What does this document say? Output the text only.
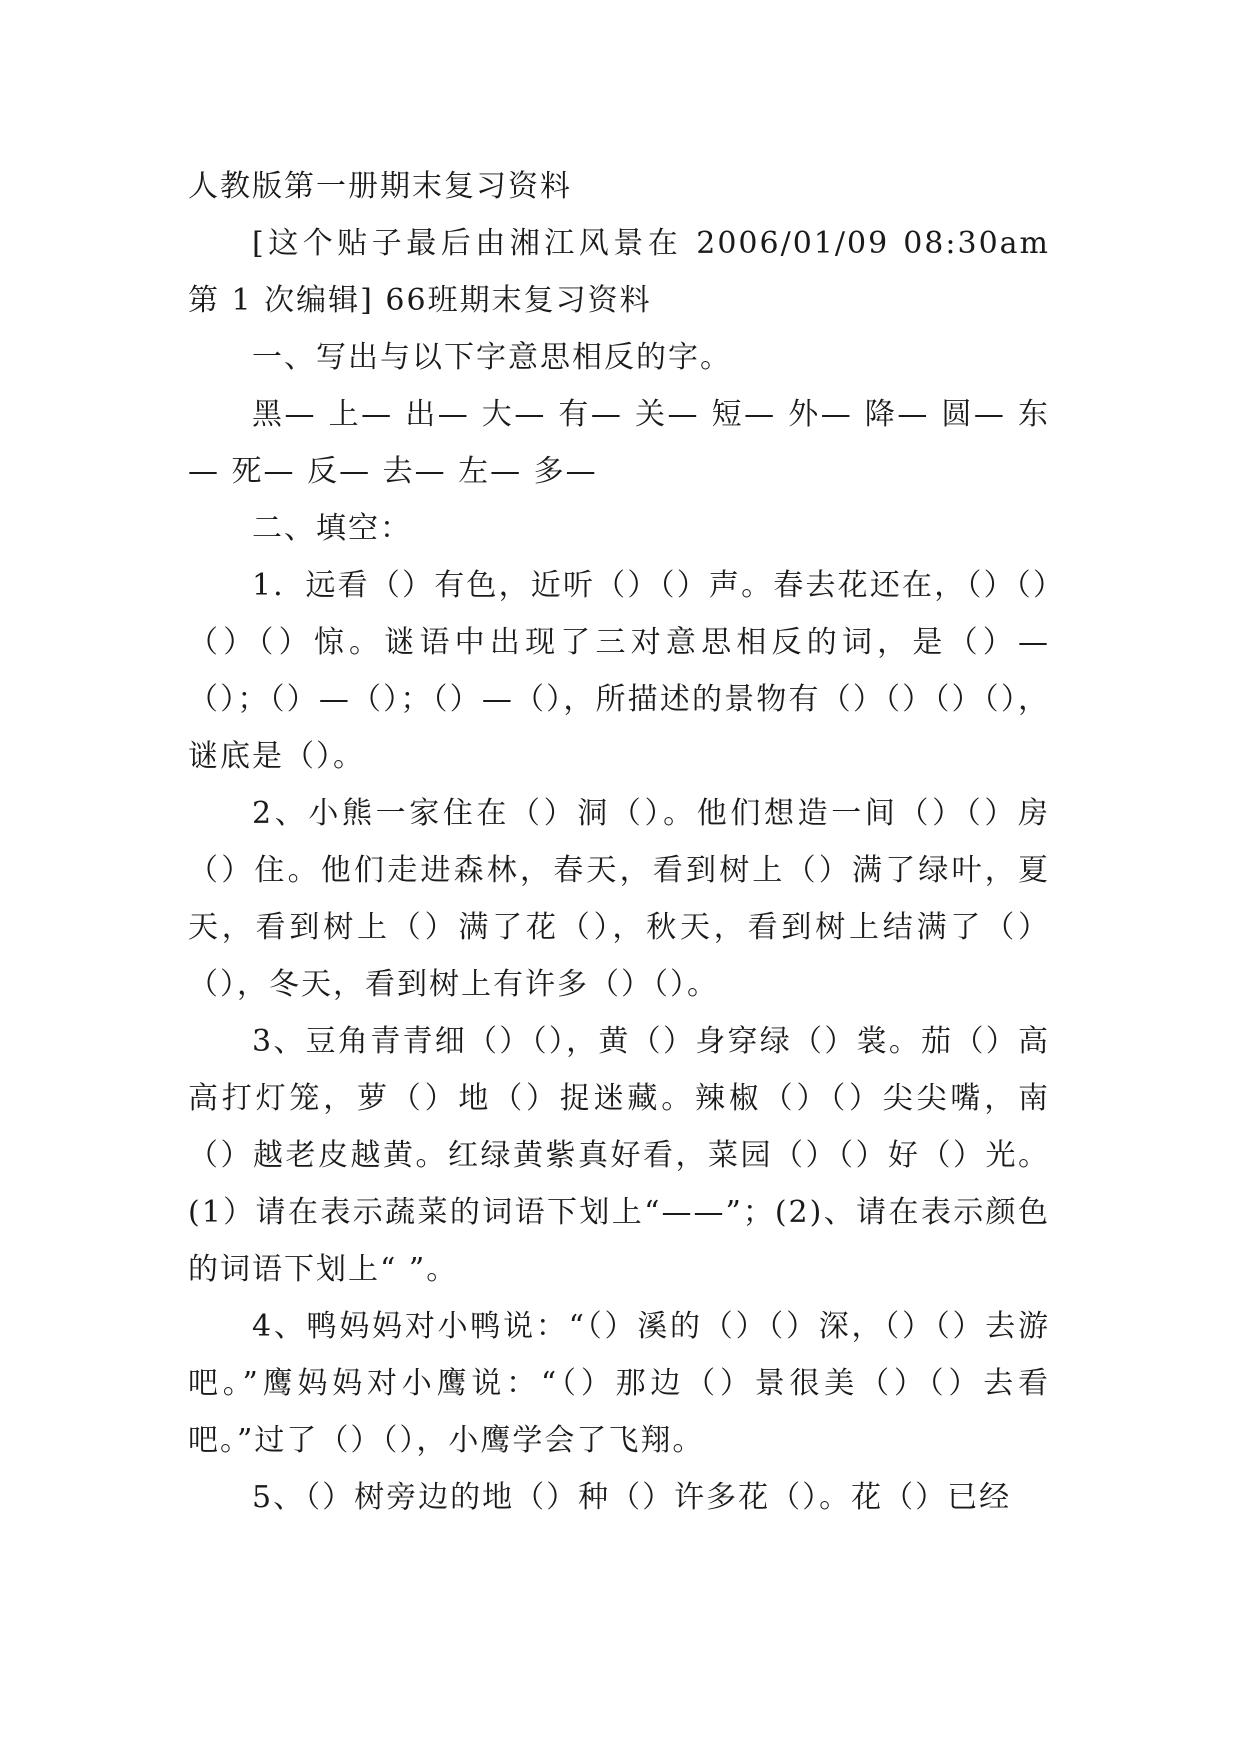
人教版第一册期末复习资料

[这个贴子最后由湘江风景在 2006/01/09 08:30am 第 1 次编辑] 66班期末复习资料

一、写出与以下字意思相反的字。

黑— 上— 出— 大— 有— 关— 短— 外— 降— 圆— 东— 死— 反— 去— 左— 多—

二、填空：

1．远看（）有色，近听（）（）声。春去花还在，（）（）（）（）惊。谜语中出现了三对意思相反的词，是（）—（）；（）—（）；（）—（），所描述的景物有（）（）（）（），谜底是（）。

2、小熊一家住在（）洞（）。他们想造一间（）（）房（）住。他们走进森林，春天，看到树上（）满了绿叶，夏天，看到树上（）满了花（），秋天，看到树上结满了（）（），冬天，看到树上有许多（）（）。

3、豆角青青细（）（），黄（）身穿绿（）裳。茄（）高高打灯笼，萝（）地（）捉迷藏。辣椒（）（）尖尖嘴，南（）越老皮越黄。红绿黄紫真好看，菜园（）（）好（）光。(1）请在表示蔬菜的词语下划上“——”；(2)、请在表示颜色的词语下划上“ ”。

4、鸭妈妈对小鸭说：“（）溪的（）（）深，（）（）去游吧。”鹰妈妈对小鹰说：“（）那边（）景很美（）（）去看吧。”过了（）（），小鹰学会了飞翔。

5、（）树旁边的地（）种（）许多花（）。花（）已经
